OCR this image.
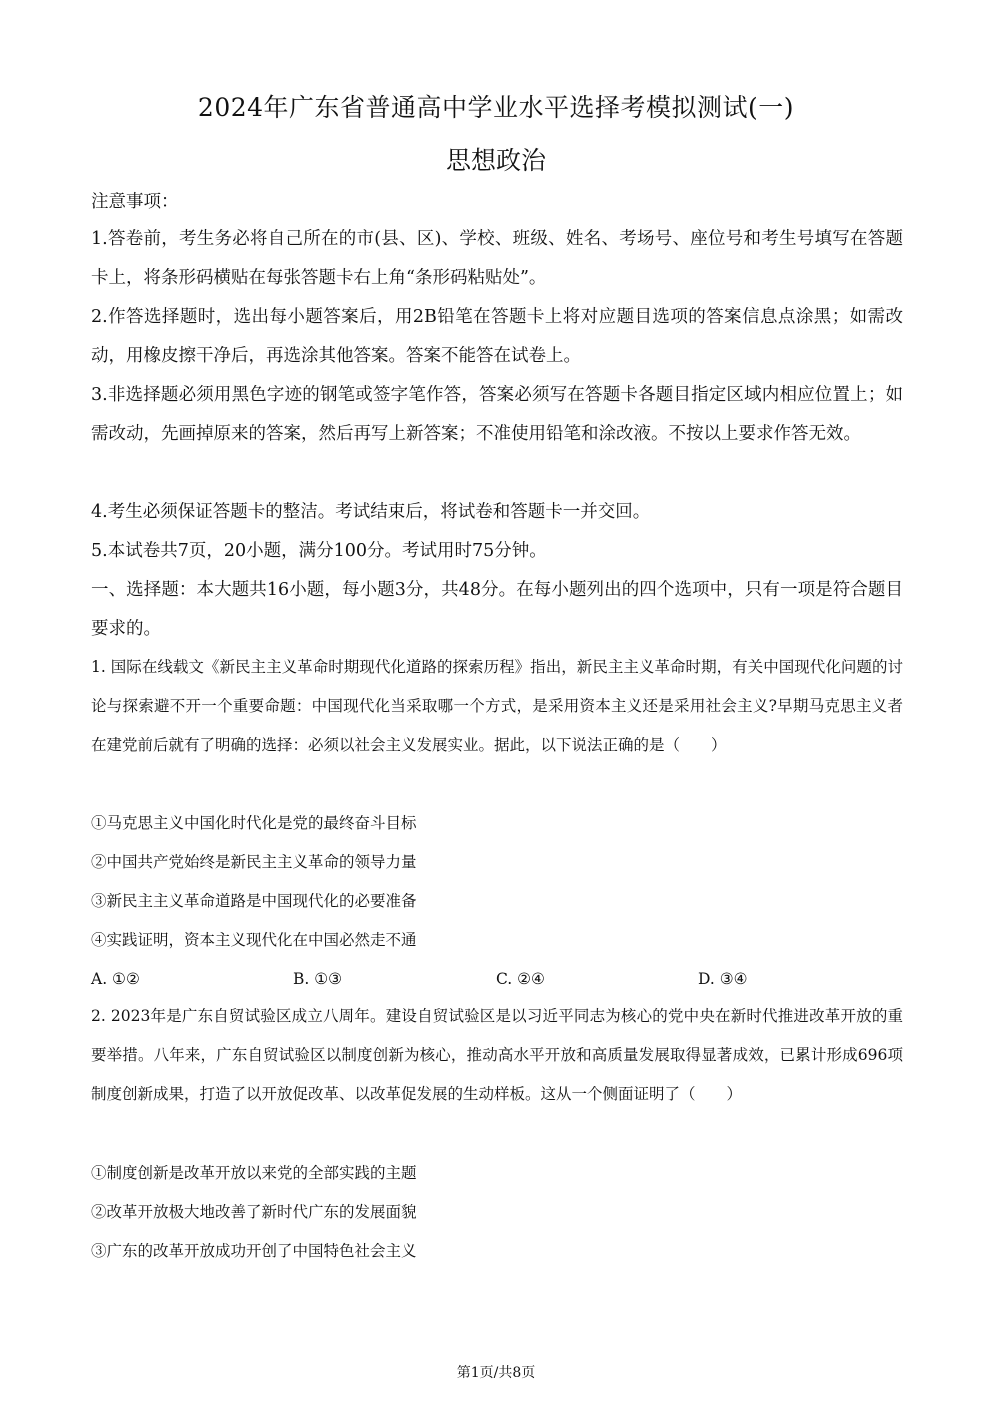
2024年广东省普通高中学业水平选择考模拟测试(一)
思想政治
注意事项：
1.答卷前，考生务必将自己所在的市(县、区)、学校、班级、姓名、考场号、座位号和考生号填写在答题卡上，将条形码横贴在每张答题卡右上角“条形码粘贴处”。
2.作答选择题时，选出每小题答案后，用2B铅笔在答题卡上将对应题目选项的答案信息点涂黑；如需改动，用橡皮擦干净后，再选涂其他答案。答案不能答在试卷上。
3.非选择题必须用黑色字迹的钢笔或签字笔作答，答案必须写在答题卡各题目指定区域内相应位置上；如需改动，先画掉原来的答案，然后再写上新答案；不准使用铅笔和涂改液。不按以上要求作答无效。
4.考生必须保证答题卡的整洁。考试结束后，将试卷和答题卡一并交回。
5.本试卷共7页，20小题，满分100分。考试用时75分钟。
一、选择题：本大题共16小题，每小题3分，共48分。在每小题列出的四个选项中，只有一项是符合题目要求的。
1. 国际在线载文《新民主主义革命时期现代化道路的探索历程》指出，新民主主义革命时期，有关中国现代化问题的讨论与探索避不开一个重要命题：中国现代化当采取哪一个方式，是采用资本主义还是采用社会主义?早期马克思主义者在建党前后就有了明确的选择：必须以社会主义发展实业。据此，以下说法正确的是（　　）
①马克思主义中国化时代化是党的最终奋斗目标
②中国共产党始终是新民主主义革命的领导力量
③新民主主义革命道路是中国现代化的必要准备
④实践证明，资本主义现代化在中国必然走不通
A. ①②	B. ①③	C. ②④	D. ③④
2. 2023年是广东自贸试验区成立八周年。建设自贸试验区是以习近平同志为核心的党中央在新时代推进改革开放的重要举措。八年来，广东自贸试验区以制度创新为核心，推动高水平开放和高质量发展取得显著成效，已累计形成696项制度创新成果，打造了以开放促改革、以改革促发展的生动样板。这从一个侧面证明了（　　）
①制度创新是改革开放以来党的全部实践的主题
②改革开放极大地改善了新时代广东的发展面貌
③广东的改革开放成功开创了中国特色社会主义
第1页/共8页
